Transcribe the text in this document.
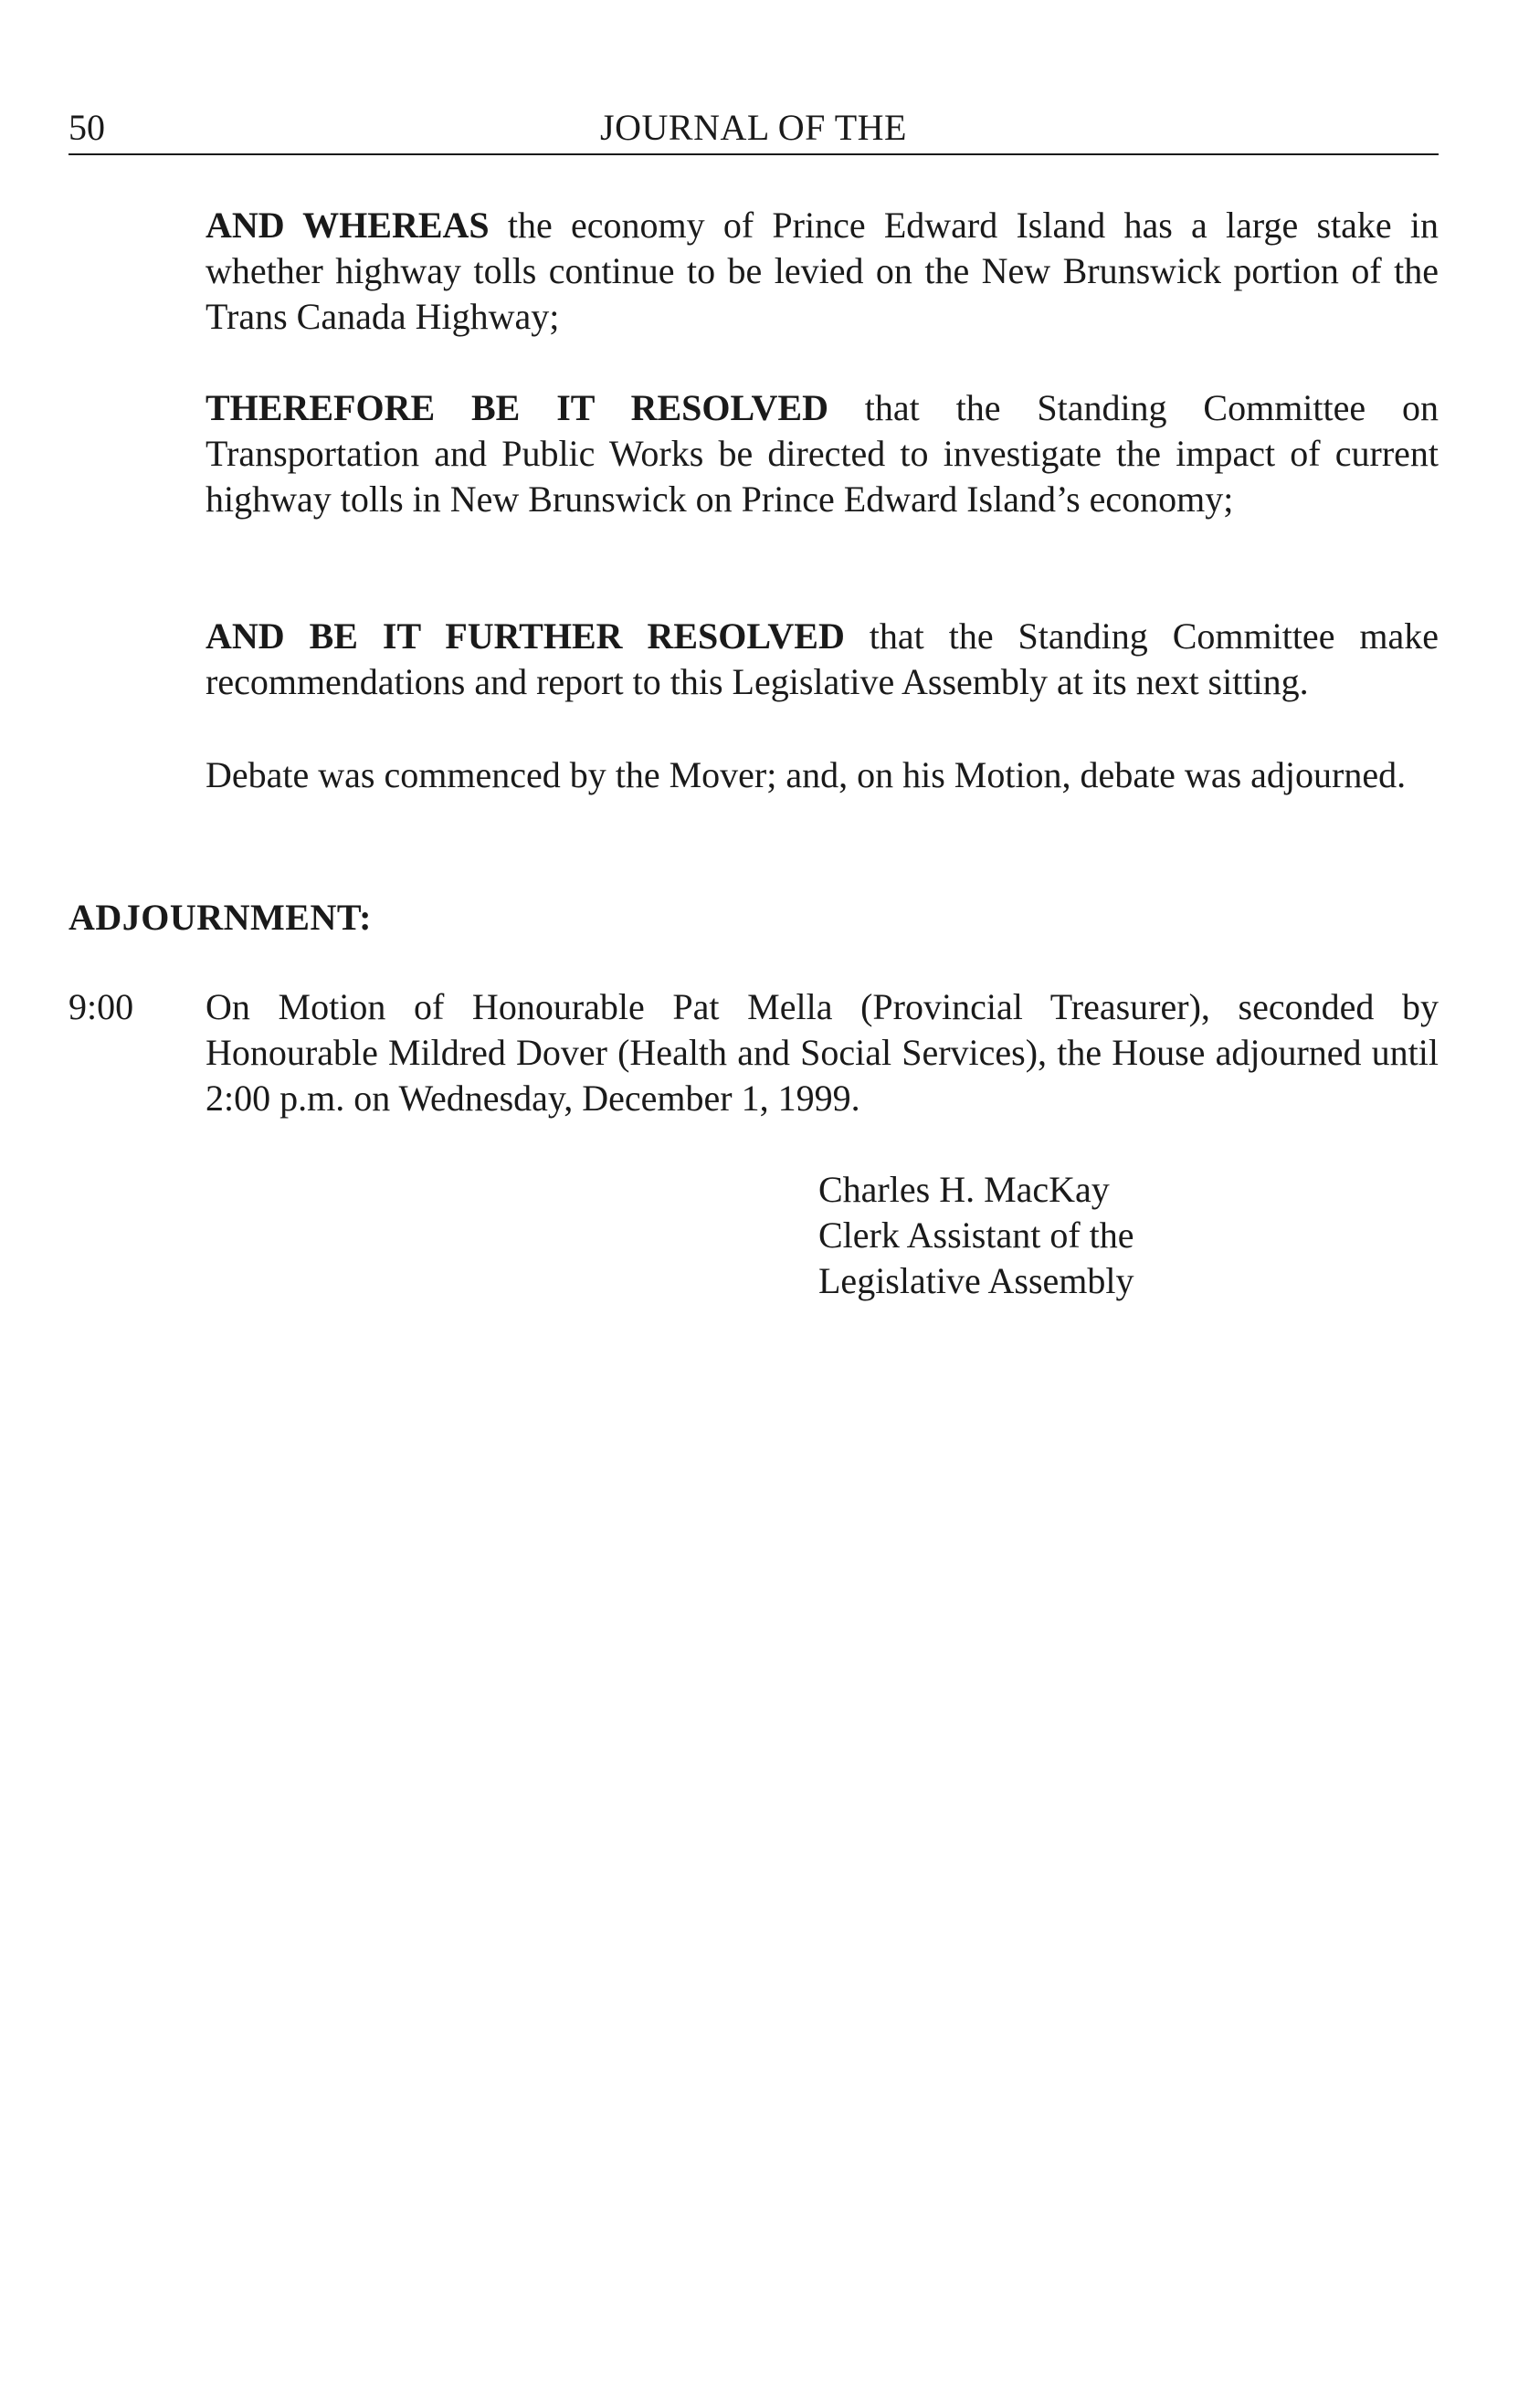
50	JOURNAL OF THE

AND WHEREAS the economy of Prince Edward Island has a large stake in whether highway tolls continue to be levied on the New Brunswick portion of the Trans Canada Highway;

THEREFORE BE IT RESOLVED that the Standing Committee on Transportation and Public Works be directed to investigate the impact of current highway tolls in New Brunswick on Prince Edward Island’s economy;

AND BE IT FURTHER RESOLVED that the Standing Committee make recommendations and report to this Legislative Assembly at its next sitting.

Debate was commenced by the Mover; and, on his Motion, debate was adjourned.

ADJOURNMENT:
9:00 On Motion of Honourable Pat Mella (Provincial Treasurer), seconded by Honourable Mildred Dover (Health and Social Services), the House adjourned until 2:00 p.m. on Wednesday, December 1, 1999.

Charles H. MacKay
Clerk Assistant of the
Legislative Assembly
